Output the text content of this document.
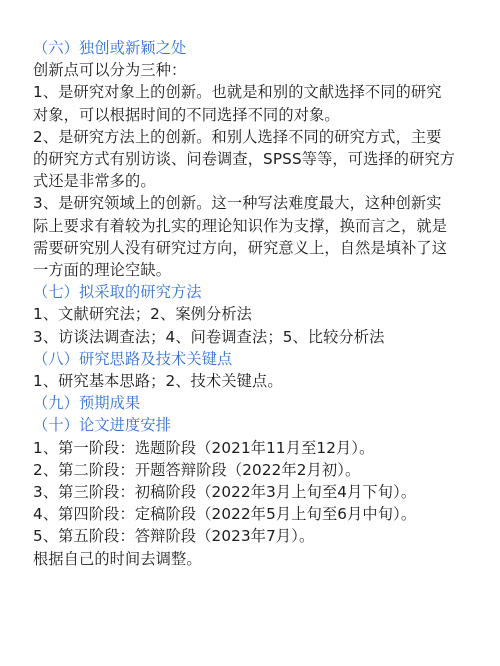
（六）独创或新颖之处
创新点可以分为三种：
1、是研究对象上的创新。也就是和别的文献选择不同的研究
对象，可以根据时间的不同选择不同的对象。
2、是研究方法上的创新。和别人选择不同的研究方式，主要
的研究方式有别访谈、问卷调查，SPSS等等，可选择的研究方
式还是非常多的。
3、是研究领域上的创新。这一种写法难度最大，这种创新实
际上要求有着较为扎实的理论知识作为支撑，换而言之，就是
需要研究别人没有研究过方向，研究意义上，自然是填补了这
一方面的理论空缺。
（七）拟采取的研究方法
1、文献研究法；2、案例分析法
3、访谈法调查法；4、问卷调查法；5、比较分析法
（八）研究思路及技术关键点
1、研究基本思路；2、技术关键点。
（九）预期成果
（十）论文进度安排
1、第一阶段：选题阶段（2021年11月至12月）。
2、第二阶段：开题答辩阶段（2022年2月初）。
3、第三阶段：初稿阶段（2022年3月上旬至4月下旬）。
4、第四阶段：定稿阶段（2022年5月上旬至6月中旬）。
5、第五阶段：答辩阶段（2023年7月）。
根据自己的时间去调整。
